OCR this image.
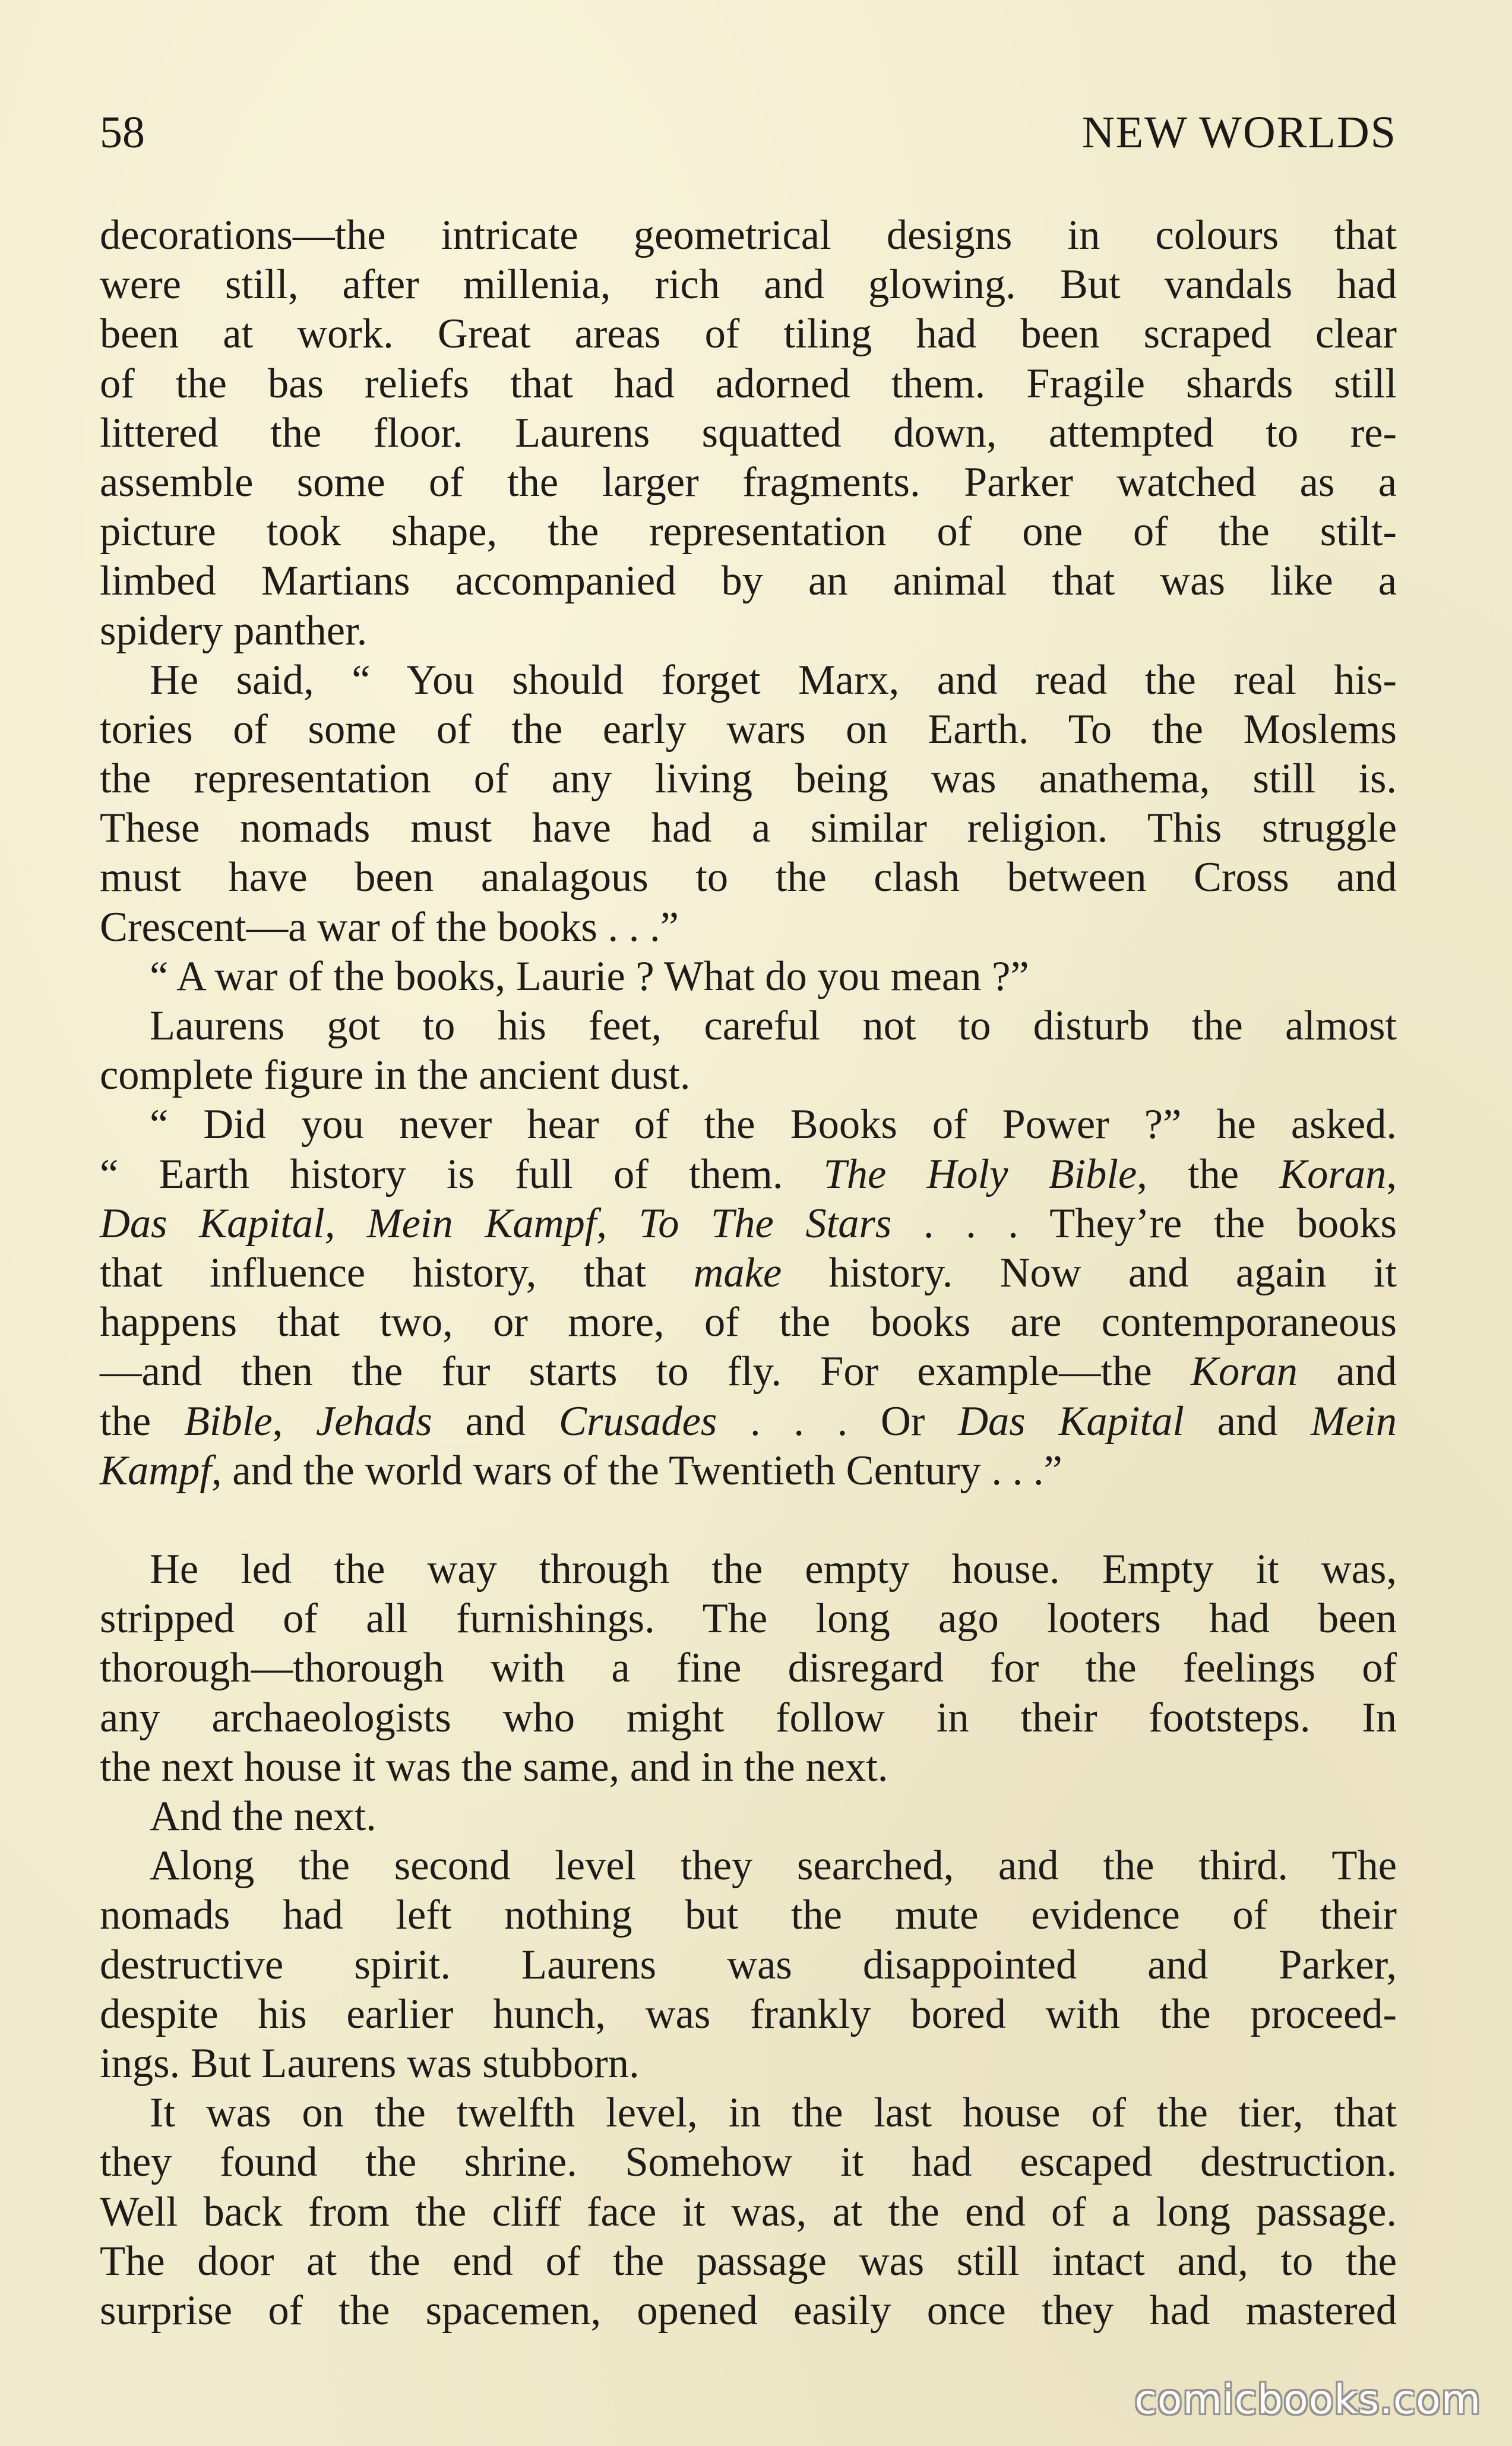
58	NEW WORLDS
decorations—the intricate geometrical designs in colours that
were still, after millenia, rich and glowing. But vandals had
been at work. Great areas of tiling had been scraped clear
of the bas reliefs that had adorned them. Fragile shards still
littered the floor. Laurens squatted down, attempted to re-
assemble some of the larger fragments. Parker watched as a
picture took shape, the representation of one of the stilt-
limbed Martians accompanied by an animal that was like a
spidery panther.
He said, “ You should forget Marx, and read the real his-
tories of some of the early wars on Earth. To the Moslems
the representation of any living being was anathema, still is.
These nomads must have had a similar religion. This struggle
must have been analagous to the clash between Cross and
Crescent—a war of the books . . .”
“ A war of the books, Laurie ? What do you mean ?”
Laurens got to his feet, careful not to disturb the almost
complete figure in the ancient dust.
“ Did you never hear of the Books of Power ?” he asked.
“ Earth history is full of them. The Holy Bible, the Koran,
Das Kapital, Mein Kampf, To The Stars . . . They’re the books
that influence history, that make history. Now and again it
happens that two, or more, of the books are contemporaneous
—and then the fur starts to fly. For example—the Koran and
the Bible, Jehads and Crusades . . . Or Das Kapital and Mein
Kampf, and the world wars of the Twentieth Century . . .”
He led the way through the empty house. Empty it was,
stripped of all furnishings. The long ago looters had been
thorough—thorough with a fine disregard for the feelings of
any archaeologists who might follow in their footsteps. In
the next house it was the same, and in the next.
And the next.
Along the second level they searched, and the third. The
nomads had left nothing but the mute evidence of their
destructive spirit. Laurens was disappointed and Parker,
despite his earlier hunch, was frankly bored with the proceed-
ings. But Laurens was stubborn.
It was on the twelfth level, in the last house of the tier, that
they found the shrine. Somehow it had escaped destruction.
Well back from the cliff face it was, at the end of a long passage.
The door at the end of the passage was still intact and, to the
surprise of the spacemen, opened easily once they had mastered
comicbooks.com
